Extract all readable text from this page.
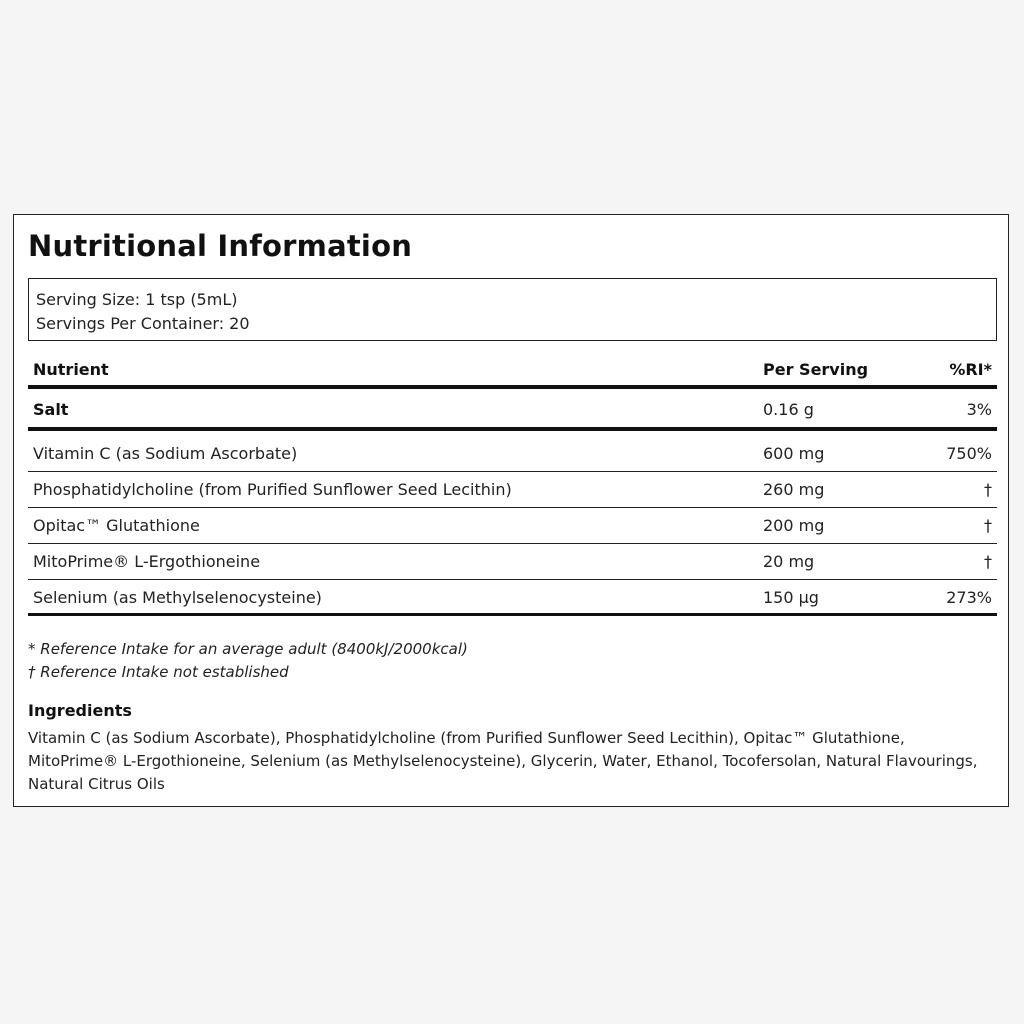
Nutritional Information
Serving Size: 1 tsp (5mL)
Servings Per Container: 20
Nutrient	Per Serving	%RI*
Salt	0.16 g	3%
Vitamin C (as Sodium Ascorbate)	600 mg	750%
Phosphatidylcholine (from Purified Sunflower Seed Lecithin)	260 mg	†
Opitac™ Glutathione	200 mg	†
MitoPrime® L-Ergothioneine	20 mg	†
Selenium (as Methylselenocysteine)	150 µg	273%
* Reference Intake for an average adult (8400kJ/2000kcal)
† Reference Intake not established
Ingredients
Vitamin C (as Sodium Ascorbate), Phosphatidylcholine (from Purified Sunflower Seed Lecithin), Opitac™ Glutathione, MitoPrime® L-Ergothioneine, Selenium (as Methylselenocysteine), Glycerin, Water, Ethanol, Tocofersolan, Natural Flavourings, Natural Citrus Oils
